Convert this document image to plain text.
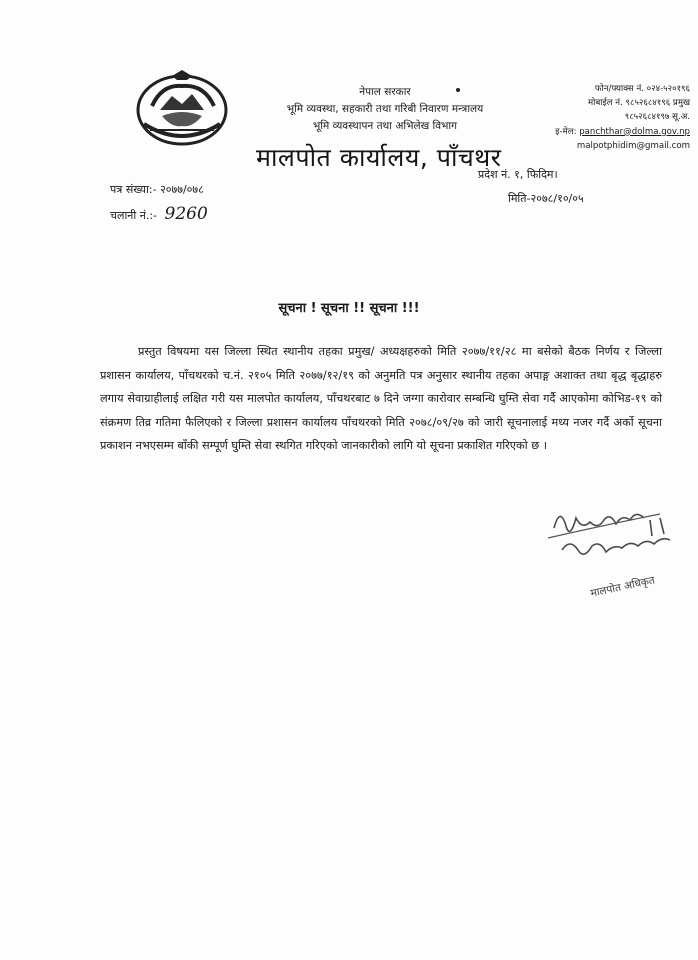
नेपाल सरकार
भूमि व्यवस्था, सहकारी तथा गरिबी निवारण मन्त्रालय
भूमि व्यवस्थापन तथा अभिलेख विभाग
मालपोत कार्यालय, पाँचथर
फोन/फ्याक्स नं. ०२४-५२०१९६
मोबाईल नं. ९८५२६८४१९६ प्रमुख
९८५२६८४१९७ सू.अ.
इ-मेल: panchthar@dolma.gov.np
malpotphidim@gmail.com
पत्र संख्या:- २०७७/०७८
चलानी नं.:- 9260
प्रदेश नं. १, फिदिम।
मिति-२०७८/१०/०५
सूचना ! सूचना !! सूचना !!!
प्रस्तुत विषयमा यस जिल्ला स्थित स्थानीय तहका प्रमुख/ अध्यक्षहरुको मिति २०७७/११/२८ मा बसेको बैठक निर्णय र जिल्ला प्रशासन कार्यालय, पाँचथरको च.नं. २१०५ मिति २०७७/१२/१९ को अनुमति पत्र अनुसार स्थानीय तहका अपाङ्ग अशाक्त तथा बृद्ध बृद्धाहरु लगाय सेवाग्राहीलाई लक्षित गरी यस मालपोत कार्यालय, पाँचथरबाट ७ दिने जग्गा कारोवार सम्बन्धि घुम्ति सेवा गर्दै आएकोमा कोभिड-१९ को संक्रमण तिव्र गतिमा फैलिएको र जिल्ला प्रशासन कार्यालय पाँचथरको मिति २०७८/०९/२७ को जारी सूचनालाई मध्य नजर गर्दै अर्को सूचना प्रकाशन नभएसम्म बाँकी सम्पूर्ण घुम्ति सेवा स्थगित गरिएको जानकारीको लागि यो सूचना प्रकाशित गरिएको छ ।
मालपोत अधिकृत
